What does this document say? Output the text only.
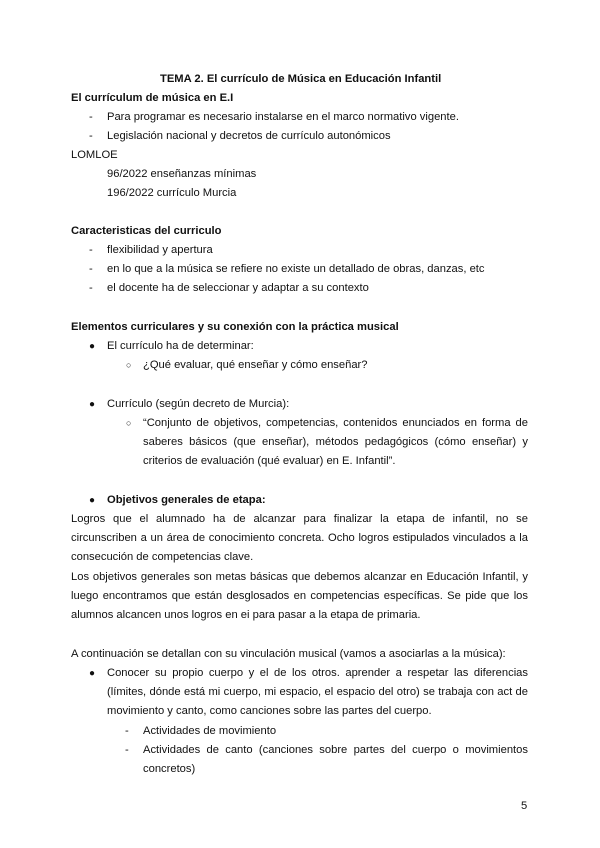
TEMA 2. El currículo de Música en Educación Infantil
El currículum de música en E.I
- Para programar es necesario instalarse en el marco normativo vigente.
- Legislación nacional y decretos de currículo autonómicos
LOMLOE
96/2022 enseñanzas mínimas
196/2022 currículo Murcia
Caracteristicas del curriculo
- flexibilidad y apertura
- en lo que a la música se refiere no existe un detallado de obras, danzas, etc
- el docente ha de seleccionar y adaptar a su contexto
Elementos curriculares y su conexión con la práctica musical
● El currículo ha de determinar:
○ ¿Qué evaluar, qué enseñar y cómo enseñar?
● Currículo (según decreto de Murcia):
○ “Conjunto de objetivos, competencias, contenidos enunciados en forma de saberes básicos (que enseñar), métodos pedagógicos (cómo enseñar) y criterios de evaluación (qué evaluar) en E. Infantil”.
● Objetivos generales de etapa:
Logros que el alumnado ha de alcanzar para finalizar la etapa de infantil, no se circunscriben a un área de conocimiento concreta. Ocho logros estipulados vinculados a la consecución de competencias clave.
Los objetivos generales son metas básicas que debemos alcanzar en Educación Infantil, y luego encontramos que están desglosados en competencias específicas. Se pide que los alumnos alcancen unos logros en ei para pasar a la etapa de primaria.
A continuación se detallan con su vinculación musical (vamos a asociarlas a la música):
● Conocer su propio cuerpo y el de los otros. aprender a respetar las diferencias (límites, dónde está mi cuerpo, mi espacio, el espacio del otro) se trabaja con act de movimiento y canto, como canciones sobre las partes del cuerpo.
- Actividades de movimiento
- Actividades de canto (canciones sobre partes del cuerpo o movimientos concretos)
5
